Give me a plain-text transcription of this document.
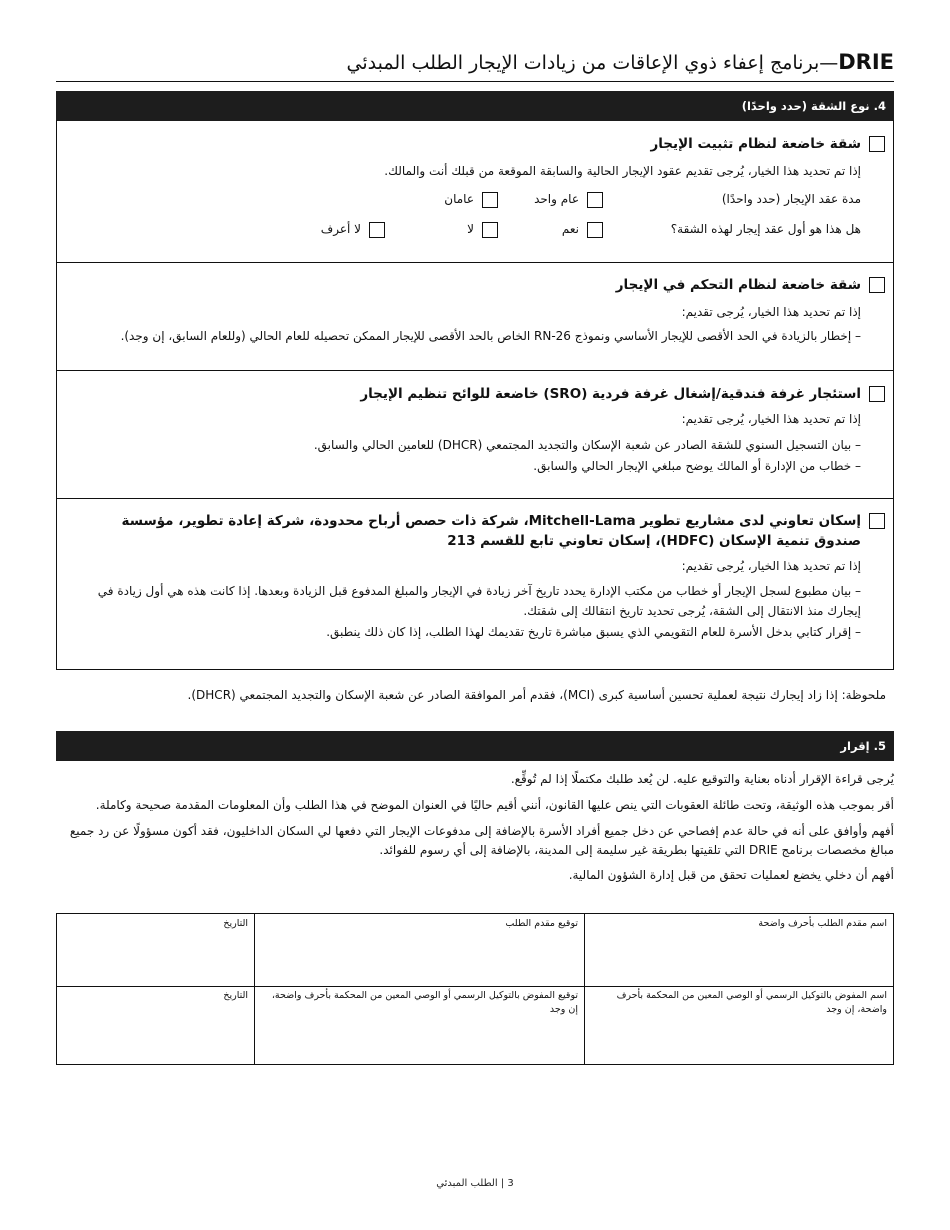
DRIE—برنامج إعفاء ذوي الإعاقات من زيادات الإيجار الطلب المبدئي
4. نوع الشقة (حدد واحدًا)
شقة خاضعة لنظام تثبيت الإيجار
إذا تم تحديد هذا الخيار، يُرجى تقديم عقود الإيجار الحالية والسابقة الموقعة من قبلك أنت والمالك.
مدة عقد الإيجار (حدد واحدًا)
عام واحد
عامان
هل هذا هو أول عقد إيجار لهذه الشقة؟
نعم
لا
لا أعرف
شقة خاضعة لنظام التحكم في الإيجار
إذا تم تحديد هذا الخيار، يُرجى تقديم:
– إخطار بالزيادة في الحد الأقصى للإيجار الأساسي ونموذج RN-26 الخاص بالحد الأقصى للإيجار الممكن تحصيله للعام الحالي (وللعام السابق، إن وجد).
استئجار غرفة فندقية/إشغال غرفة فردية (SRO) خاضعة للوائح تنظيم الإيجار
إذا تم تحديد هذا الخيار، يُرجى تقديم:
– بيان التسجيل السنوي للشقة الصادر عن شعبة الإسكان والتجديد المجتمعي (DHCR) للعامين الحالي والسابق.
– خطاب من الإدارة أو المالك يوضح مبلغي الإيجار الحالي والسابق.
إسكان تعاوني لدى مشاريع تطوير Mitchell-Lama، شركة ذات حصص أرباح محدودة، شركة إعادة تطوير، مؤسسة صندوق تنمية الإسكان (HDFC)، إسكان تعاوني تابع للقسم 213
إذا تم تحديد هذا الخيار، يُرجى تقديم:
– بيان مطبوع لسجل الإيجار أو خطاب من مكتب الإدارة يحدد تاريخ آخر زيادة في الإيجار والمبلغ المدفوع قبل الزيادة وبعدها. إذا كانت هذه هي أول زيادة في إيجارك منذ الانتقال إلى الشقة، يُرجى تحديد تاريخ انتقالك إلى شقتك.
– إقرار كتابي بدخل الأسرة للعام التقويمي الذي يسبق مباشرة تاريخ تقديمك لهذا الطلب، إذا كان ذلك ينطبق.
ملحوظة: إذا زاد إيجارك نتيجة لعملية تحسين أساسية كبرى (MCI)، فقدم أمر الموافقة الصادر عن شعبة الإسكان والتجديد المجتمعي (DHCR).
5. إقرار
يُرجى قراءة الإقرار أدناه بعناية والتوقيع عليه. لن يُعد طلبك مكتملًا إذا لم تُوقِّع.
أقر بموجب هذه الوثيقة، وتحت طائلة العقوبات التي ينص عليها القانون، أنني أقيم حاليًا في العنوان الموضح في هذا الطلب وأن المعلومات المقدمة صحيحة وكاملة.
أفهم وأوافق على أنه في حالة عدم إفصاحي عن دخل جميع أفراد الأسرة بالإضافة إلى مدفوعات الإيجار التي دفعها لي السكان الداخليون، فقد أكون مسؤولًا عن رد جميع مبالغ مخصصات برنامج DRIE التي تلقيتها بطريقة غير سليمة إلى المدينة، بالإضافة إلى أي رسوم للفوائد.
أفهم أن دخلي يخضع لعمليات تحقق من قبل إدارة الشؤون المالية.
اسم مقدم الطلب بأحرف واضحة
توقيع مقدم الطلب
التاريخ
اسم المفوض بالتوكيل الرسمي أو الوصي المعين من المحكمة بأحرف واضحة، إن وجد
توقيع المفوض بالتوكيل الرسمي أو الوصي المعين من المحكمة بأحرف واضحة، إن وجد
التاريخ
3 | الطلب المبدئي
